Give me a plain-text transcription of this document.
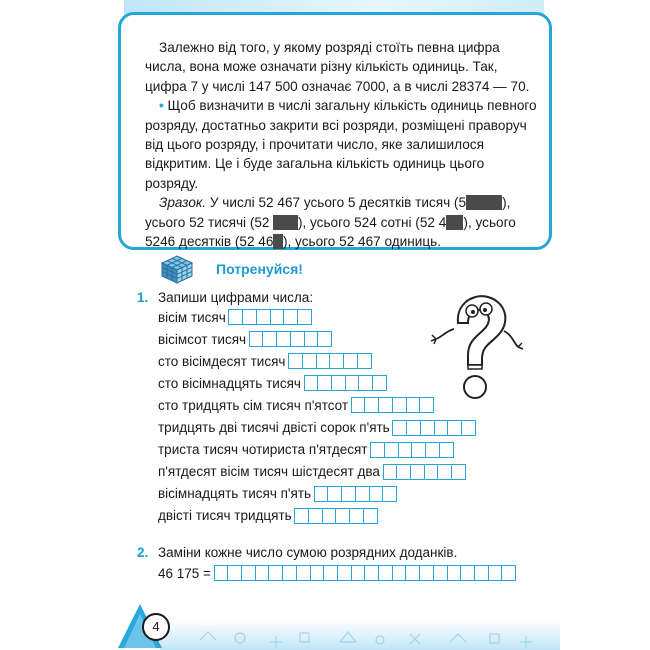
Залежно від того, у якому розряді стоїть певна цифра числа, вона може означати різну кількість одиниць. Так, цифра 7 у числі 147 500 означає 7000, а в числі 28374 — 70.

• Щоб визначити в числі загальну кількість одиниць певного розряду, достатньо закрити всі розряди, розміщені праворуч від цього розряду, і прочитати число, яке залишилося відкритим. Це і буде загальна кількість одиниць цього розряду.

Зразок. У числі 52 467 усього 5 десятків тисяч (52 467), усього 52 тисячі (52 467), усього 524 сотні (52 467), усього 5246 десятків (52 467), усього 52 467 одиниць.

Потренуйся!
1. Запиши цифрами числа:
вісім тисяч
вісімсот тисяч
сто вісімдесят тисяч
сто вісімнадцять тисяч
сто тридцять сім тисяч п'ятсот
тридцять дві тисячі двісті сорок п'ять
триста тисяч чотириста п'ятдесят
п'ятдесят вісім тисяч шістдесят два
вісімнадцять тисяч п'ять
двісті тисяч тридцять
2. Заміни кожне число сумою розрядних доданків.
46 175 =
4
